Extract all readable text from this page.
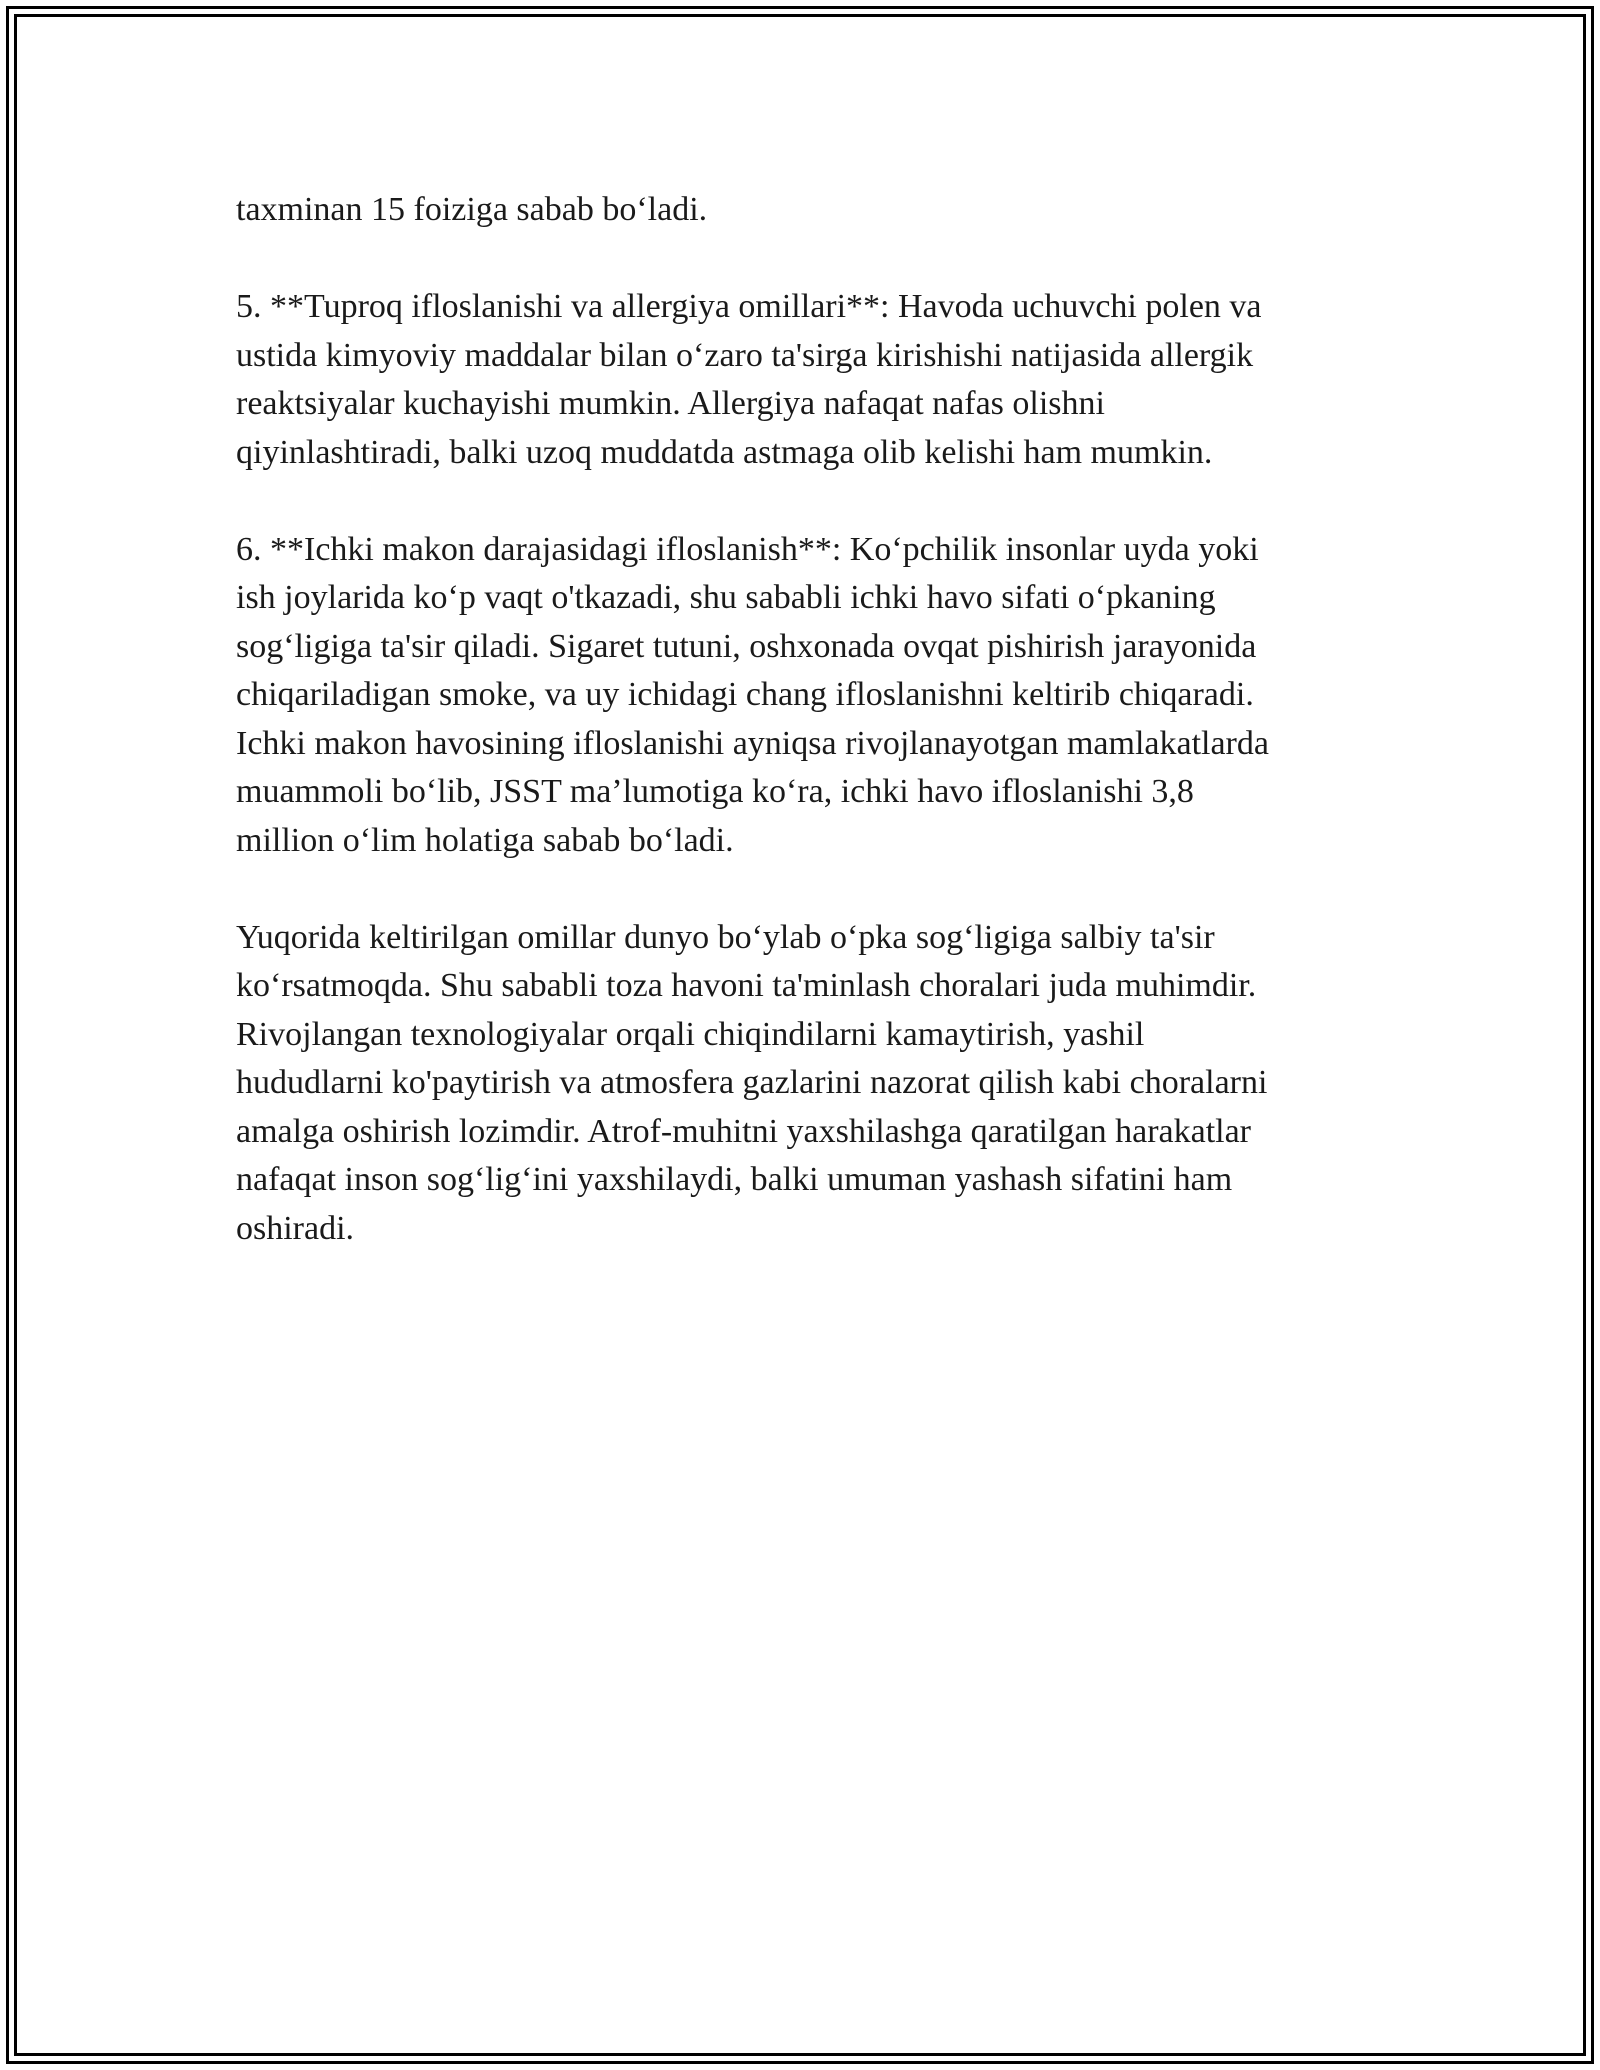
taxminan 15 foiziga sabab bo‘ladi.
5. **Tuproq ifloslanishi va allergiya omillari**: Havoda uchuvchi polen va
ustida kimyoviy maddalar bilan o‘zaro ta'sirga kirishishi natijasida allergik
reaktsiyalar kuchayishi mumkin. Allergiya nafaqat nafas olishni
qiyinlashtiradi, balki uzoq muddatda astmaga olib kelishi ham mumkin.
6. **Ichki makon darajasidagi ifloslanish**: Ko‘pchilik insonlar uyda yoki
ish joylarida ko‘p vaqt o'tkazadi, shu sababli ichki havo sifati o‘pkaning
sog‘ligiga ta'sir qiladi. Sigaret tutuni, oshxonada ovqat pishirish jarayonida
chiqariladigan smoke, va uy ichidagi chang ifloslanishni keltirib chiqaradi.
Ichki makon havosining ifloslanishi ayniqsa rivojlanayotgan mamlakatlarda
muammoli bo‘lib, JSST ma’lumotiga ko‘ra, ichki havo ifloslanishi 3,8
million o‘lim holatiga sabab bo‘ladi.
Yuqorida keltirilgan omillar dunyo bo‘ylab o‘pka sog‘ligiga salbiy ta'sir
ko‘rsatmoqda. Shu sababli toza havoni ta'minlash choralari juda muhimdir.
Rivojlangan texnologiyalar orqali chiqindilarni kamaytirish, yashil
hududlarni ko'paytirish va atmosfera gazlarini nazorat qilish kabi choralarni
amalga oshirish lozimdir. Atrof-muhitni yaxshilashga qaratilgan harakatlar
nafaqat inson sog‘lig‘ini yaxshilaydi, balki umuman yashash sifatini ham
oshiradi.
